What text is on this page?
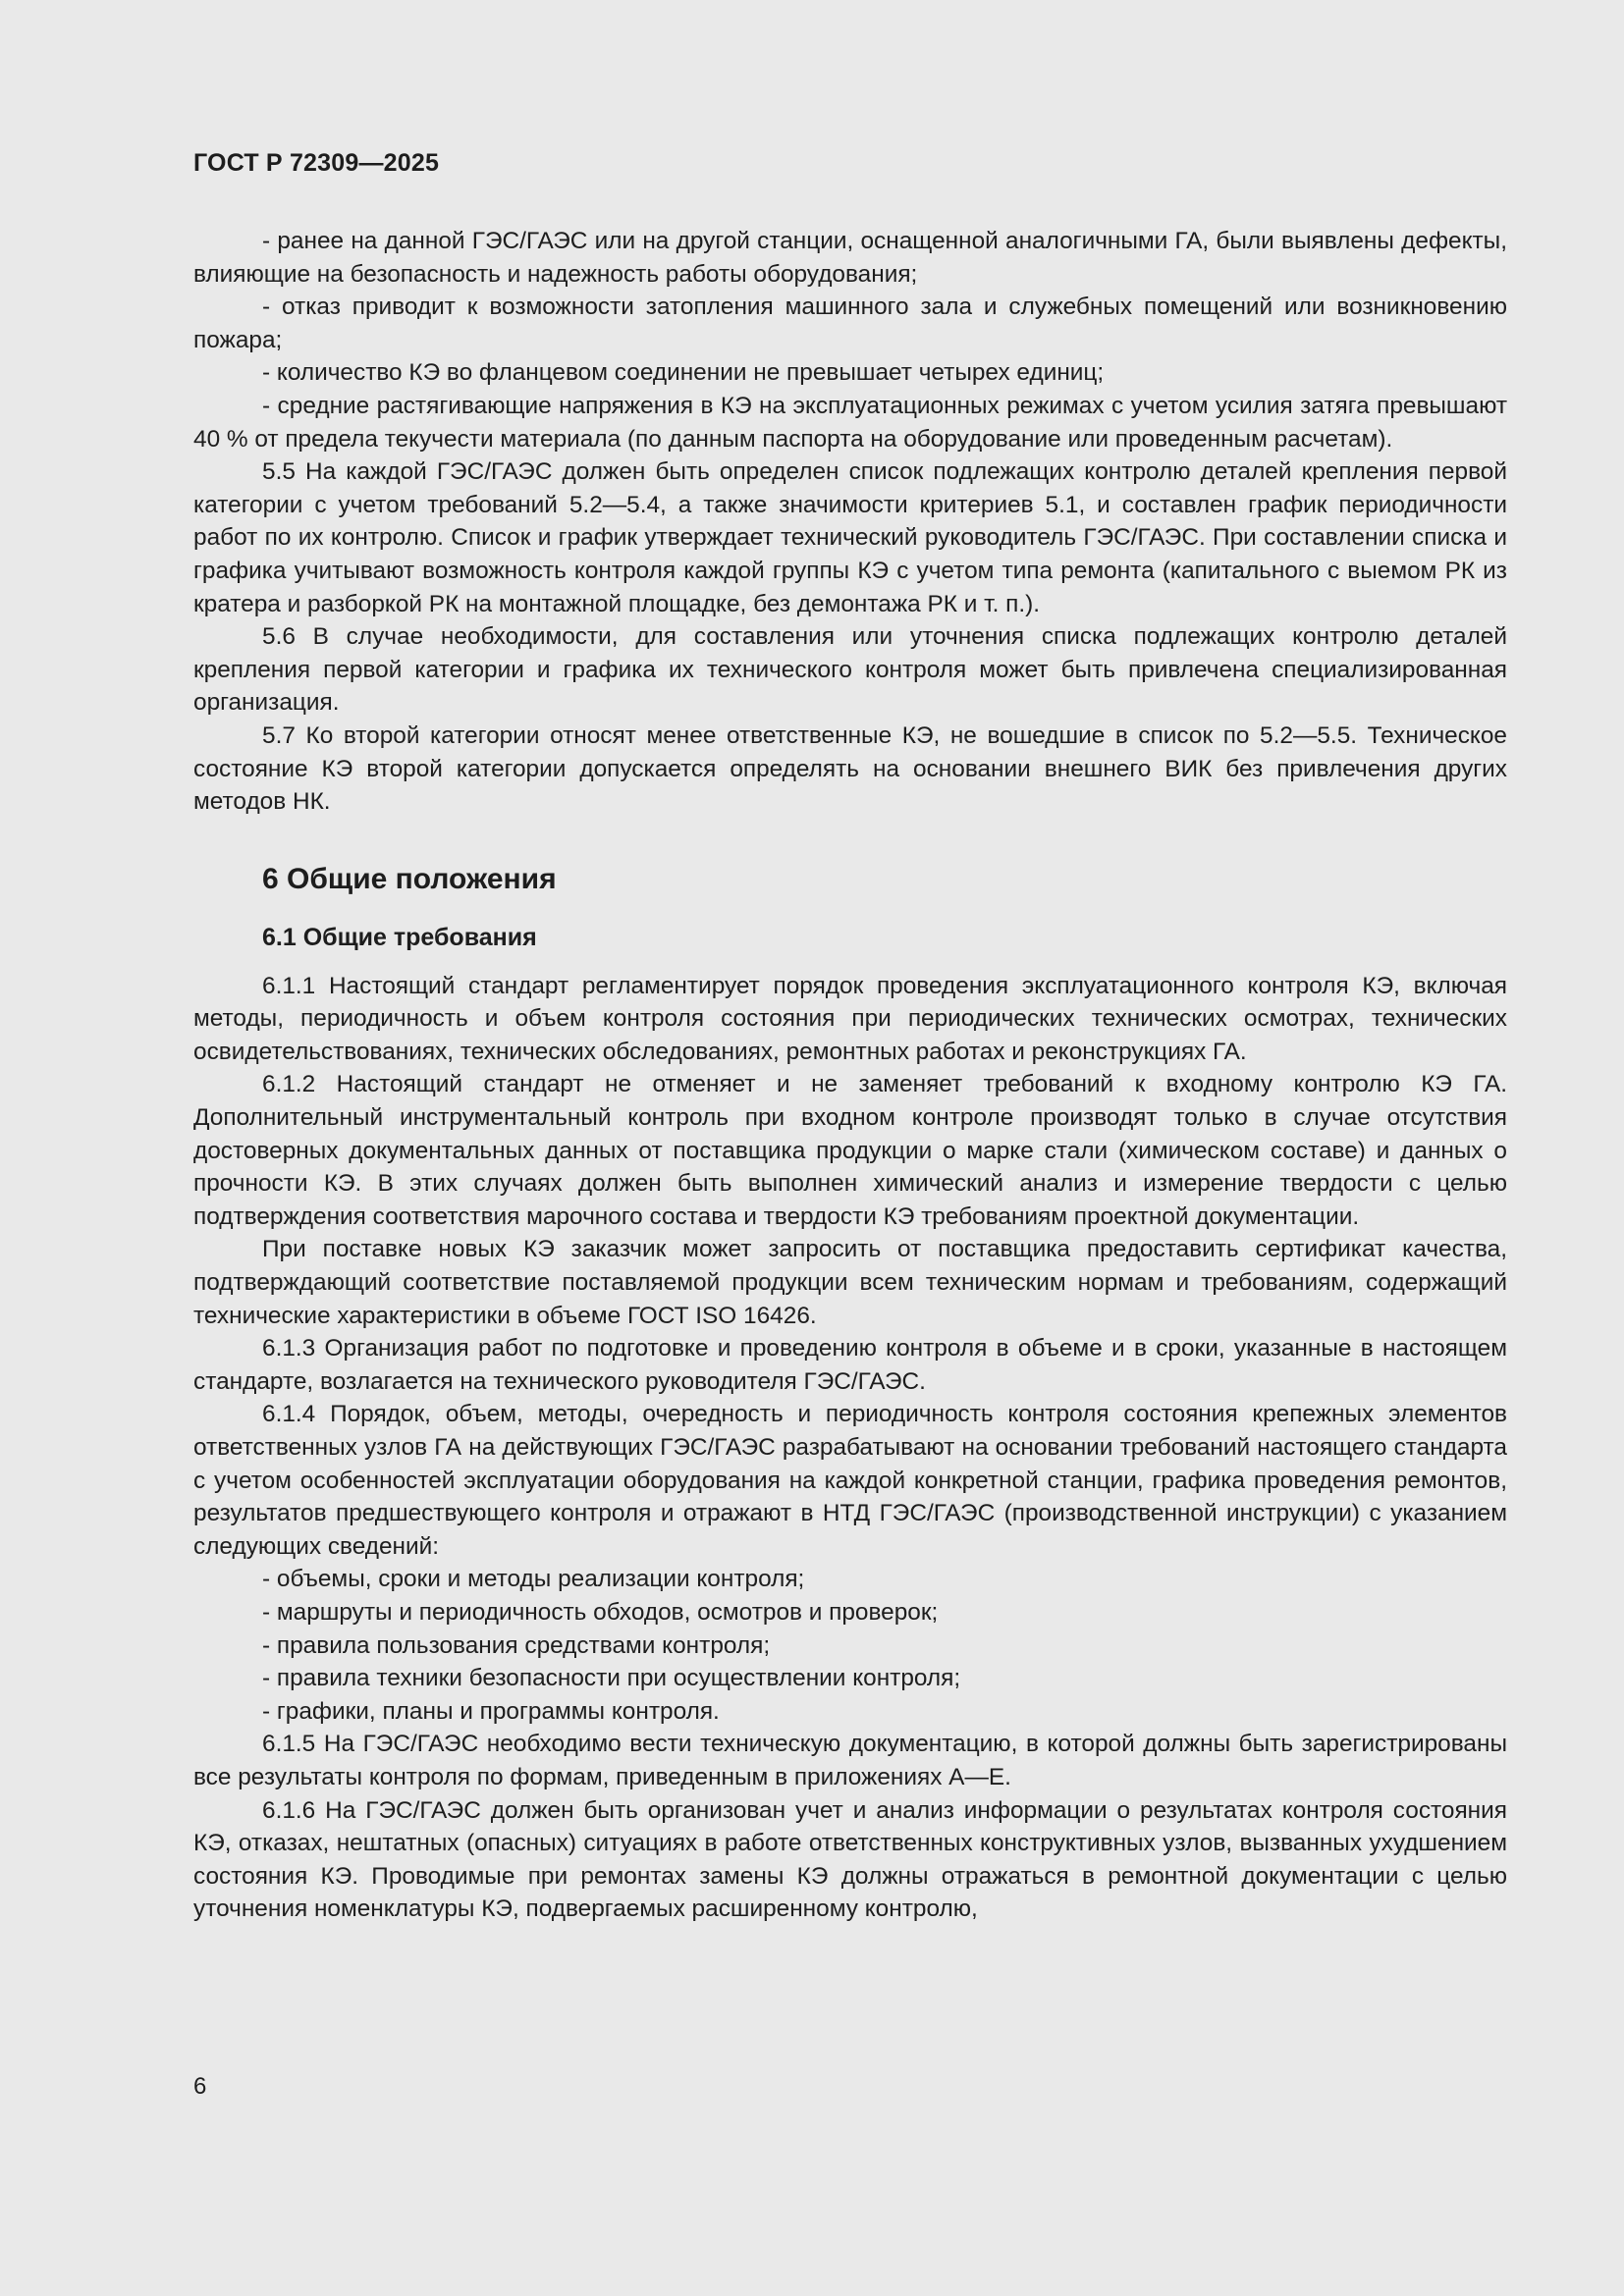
ГОСТ Р 72309—2025

- ранее на данной ГЭС/ГАЭС или на другой станции, оснащенной аналогичными ГА, были выявлены дефекты, влияющие на безопасность и надежность работы оборудования;

- отказ приводит к возможности затопления машинного зала и служебных помещений или возникновению пожара;

- количество КЭ во фланцевом соединении не превышает четырех единиц;

- средние растягивающие напряжения в КЭ на эксплуатационных режимах с учетом усилия затяга превышают 40 % от предела текучести материала (по данным паспорта на оборудование или проведенным расчетам).

5.5 На каждой ГЭС/ГАЭС должен быть определен список подлежащих контролю деталей крепления первой категории с учетом требований 5.2—5.4, а также значимости критериев 5.1, и составлен график периодичности работ по их контролю. Список и график утверждает технический руководитель ГЭС/ГАЭС. При составлении списка и графика учитывают возможность контроля каждой группы КЭ с учетом типа ремонта (капитального с выемом РК из кратера и разборкой РК на монтажной площадке, без демонтажа РК и т. п.).

5.6 В случае необходимости, для составления или уточнения списка подлежащих контролю деталей крепления первой категории и графика их технического контроля может быть привлечена специализированная организация.

5.7 Ко второй категории относят менее ответственные КЭ, не вошедшие в список по 5.2—5.5. Техническое состояние КЭ второй категории допускается определять на основании внешнего ВИК без привлечения других методов НК.

6 Общие положения
6.1 Общие требования

6.1.1 Настоящий стандарт регламентирует порядок проведения эксплуатационного контроля КЭ, включая методы, периодичность и объем контроля состояния при периодических технических осмотрах, технических освидетельствованиях, технических обследованиях, ремонтных работах и реконструкциях ГА.

6.1.2 Настоящий стандарт не отменяет и не заменяет требований к входному контролю КЭ ГА. Дополнительный инструментальный контроль при входном контроле производят только в случае отсутствия достоверных документальных данных от поставщика продукции о марке стали (химическом составе) и данных о прочности КЭ. В этих случаях должен быть выполнен химический анализ и измерение твердости с целью подтверждения соответствия марочного состава и твердости КЭ требованиям проектной документации.

При поставке новых КЭ заказчик может запросить от поставщика предоставить сертификат качества, подтверждающий соответствие поставляемой продукции всем техническим нормам и требованиям, содержащий технические характеристики в объеме ГОСТ ISO 16426.

6.1.3 Организация работ по подготовке и проведению контроля в объеме и в сроки, указанные в настоящем стандарте, возлагается на технического руководителя ГЭС/ГАЭС.

6.1.4 Порядок, объем, методы, очередность и периодичность контроля состояния крепежных элементов ответственных узлов ГА на действующих ГЭС/ГАЭС разрабатывают на основании требований настоящего стандарта с учетом особенностей эксплуатации оборудования на каждой конкретной станции, графика проведения ремонтов, результатов предшествующего контроля и отражают в НТД ГЭС/ГАЭС (производственной инструкции) с указанием следующих сведений:

- объемы, сроки и методы реализации контроля;

- маршруты и периодичность обходов, осмотров и проверок;

- правила пользования средствами контроля;

- правила техники безопасности при осуществлении контроля;

- графики, планы и программы контроля.

6.1.5 На ГЭС/ГАЭС необходимо вести техническую документацию, в которой должны быть зарегистрированы все результаты контроля по формам, приведенным в приложениях А—Е.

6.1.6 На ГЭС/ГАЭС должен быть организован учет и анализ информации о результатах контроля состояния КЭ, отказах, нештатных (опасных) ситуациях в работе ответственных конструктивных узлов, вызванных ухудшением состояния КЭ. Проводимые при ремонтах замены КЭ должны отражаться в ремонтной документации с целью уточнения номенклатуры КЭ, подвергаемых расширенному контролю,

6
